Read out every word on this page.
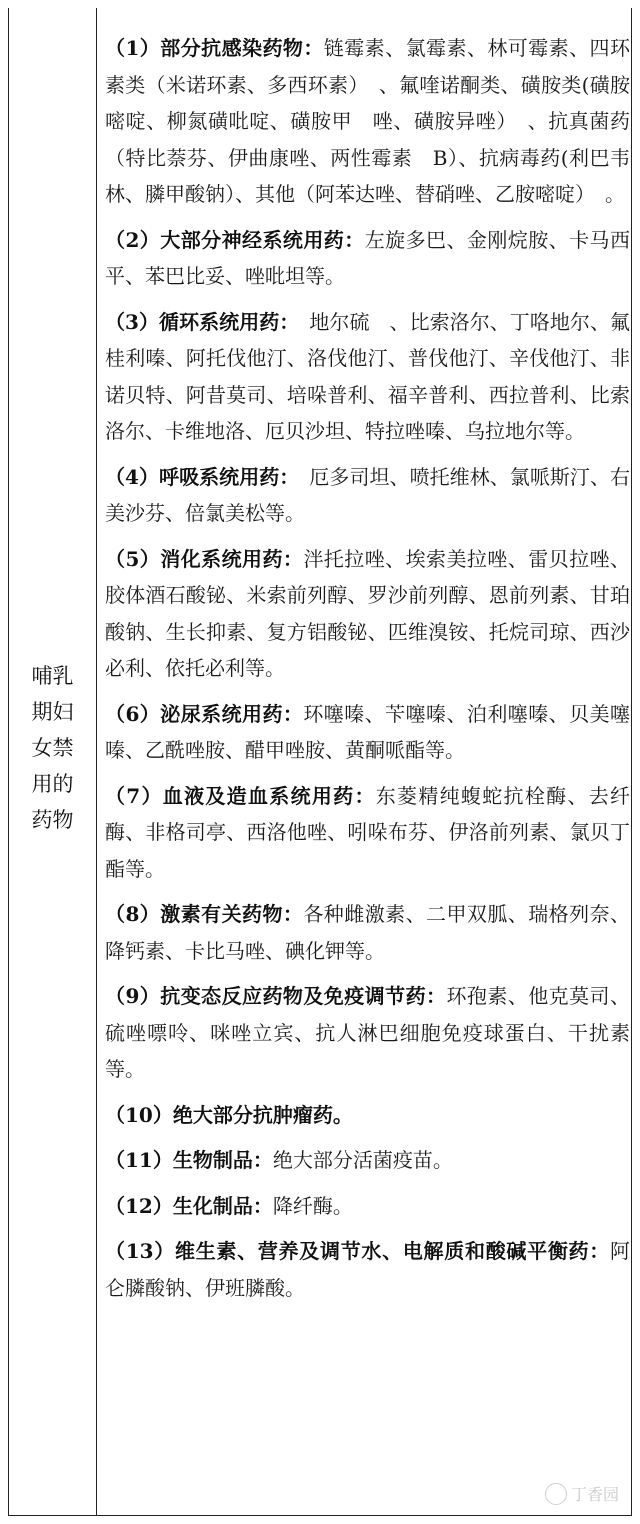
哺乳
期妇
女禁
用的
药物

（1）部分抗感染药物：链霉素、氯霉素、林可霉素、四环素类（米诺环素、多西环素）　、氟喹诺酮类、磺胺类(磺胺嘧啶、柳氮磺吡啶、磺胺甲　唑、磺胺异唑）　、抗真菌药（特比萘芬、伊曲康唑、两性霉素　B）、抗病毒药(利巴韦林、膦甲酸钠）、其他（阿苯达唑、替硝唑、乙胺嘧啶）　。

（2）大部分神经系统用药：左旋多巴、金刚烷胺、卡马西平、苯巴比妥、唑吡坦等。

（3）循环系统用药：　地尔硫　、比索洛尔、丁咯地尔、氟桂利嗪、阿托伐他汀、洛伐他汀、普伐他汀、辛伐他汀、非诺贝特、阿昔莫司、培哚普利、福辛普利、西拉普利、比索洛尔、卡维地洛、厄贝沙坦、特拉唑嗪、乌拉地尔等。

（4）呼吸系统用药：　厄多司坦、喷托维林、氯哌斯汀、右美沙芬、倍氯美松等。

（5）消化系统用药：泮托拉唑、埃索美拉唑、雷贝拉唑、胶体酒石酸铋、米索前列醇、罗沙前列醇、恩前列素、甘珀酸钠、生长抑素、复方铝酸铋、匹维溴铵、托烷司琼、西沙必利、依托必利等。

（6）泌尿系统用药：环噻嗪、苄噻嗪、泊利噻嗪、贝美噻嗪、乙酰唑胺、醋甲唑胺、黄酮哌酯等。

（7）血液及造血系统用药：东菱精纯蝮蛇抗栓酶、去纤酶、非格司亭、西洛他唑、吲哚布芬、伊洛前列素、氯贝丁酯等。

（8）激素有关药物：各种雌激素、二甲双胍、瑞格列奈、降钙素、卡比马唑、碘化钾等。

（9）抗变态反应药物及免疫调节药：环孢素、他克莫司、硫唑嘌呤、咪唑立宾、抗人淋巴细胞免疫球蛋白、干扰素等。

（10）绝大部分抗肿瘤药。

（11）生物制品：绝大部分活菌疫苗。

（12）生化制品：降纤酶。

（13）维生素、营养及调节水、电解质和酸碱平衡药：阿仑膦酸钠、伊班膦酸。

丁香园
